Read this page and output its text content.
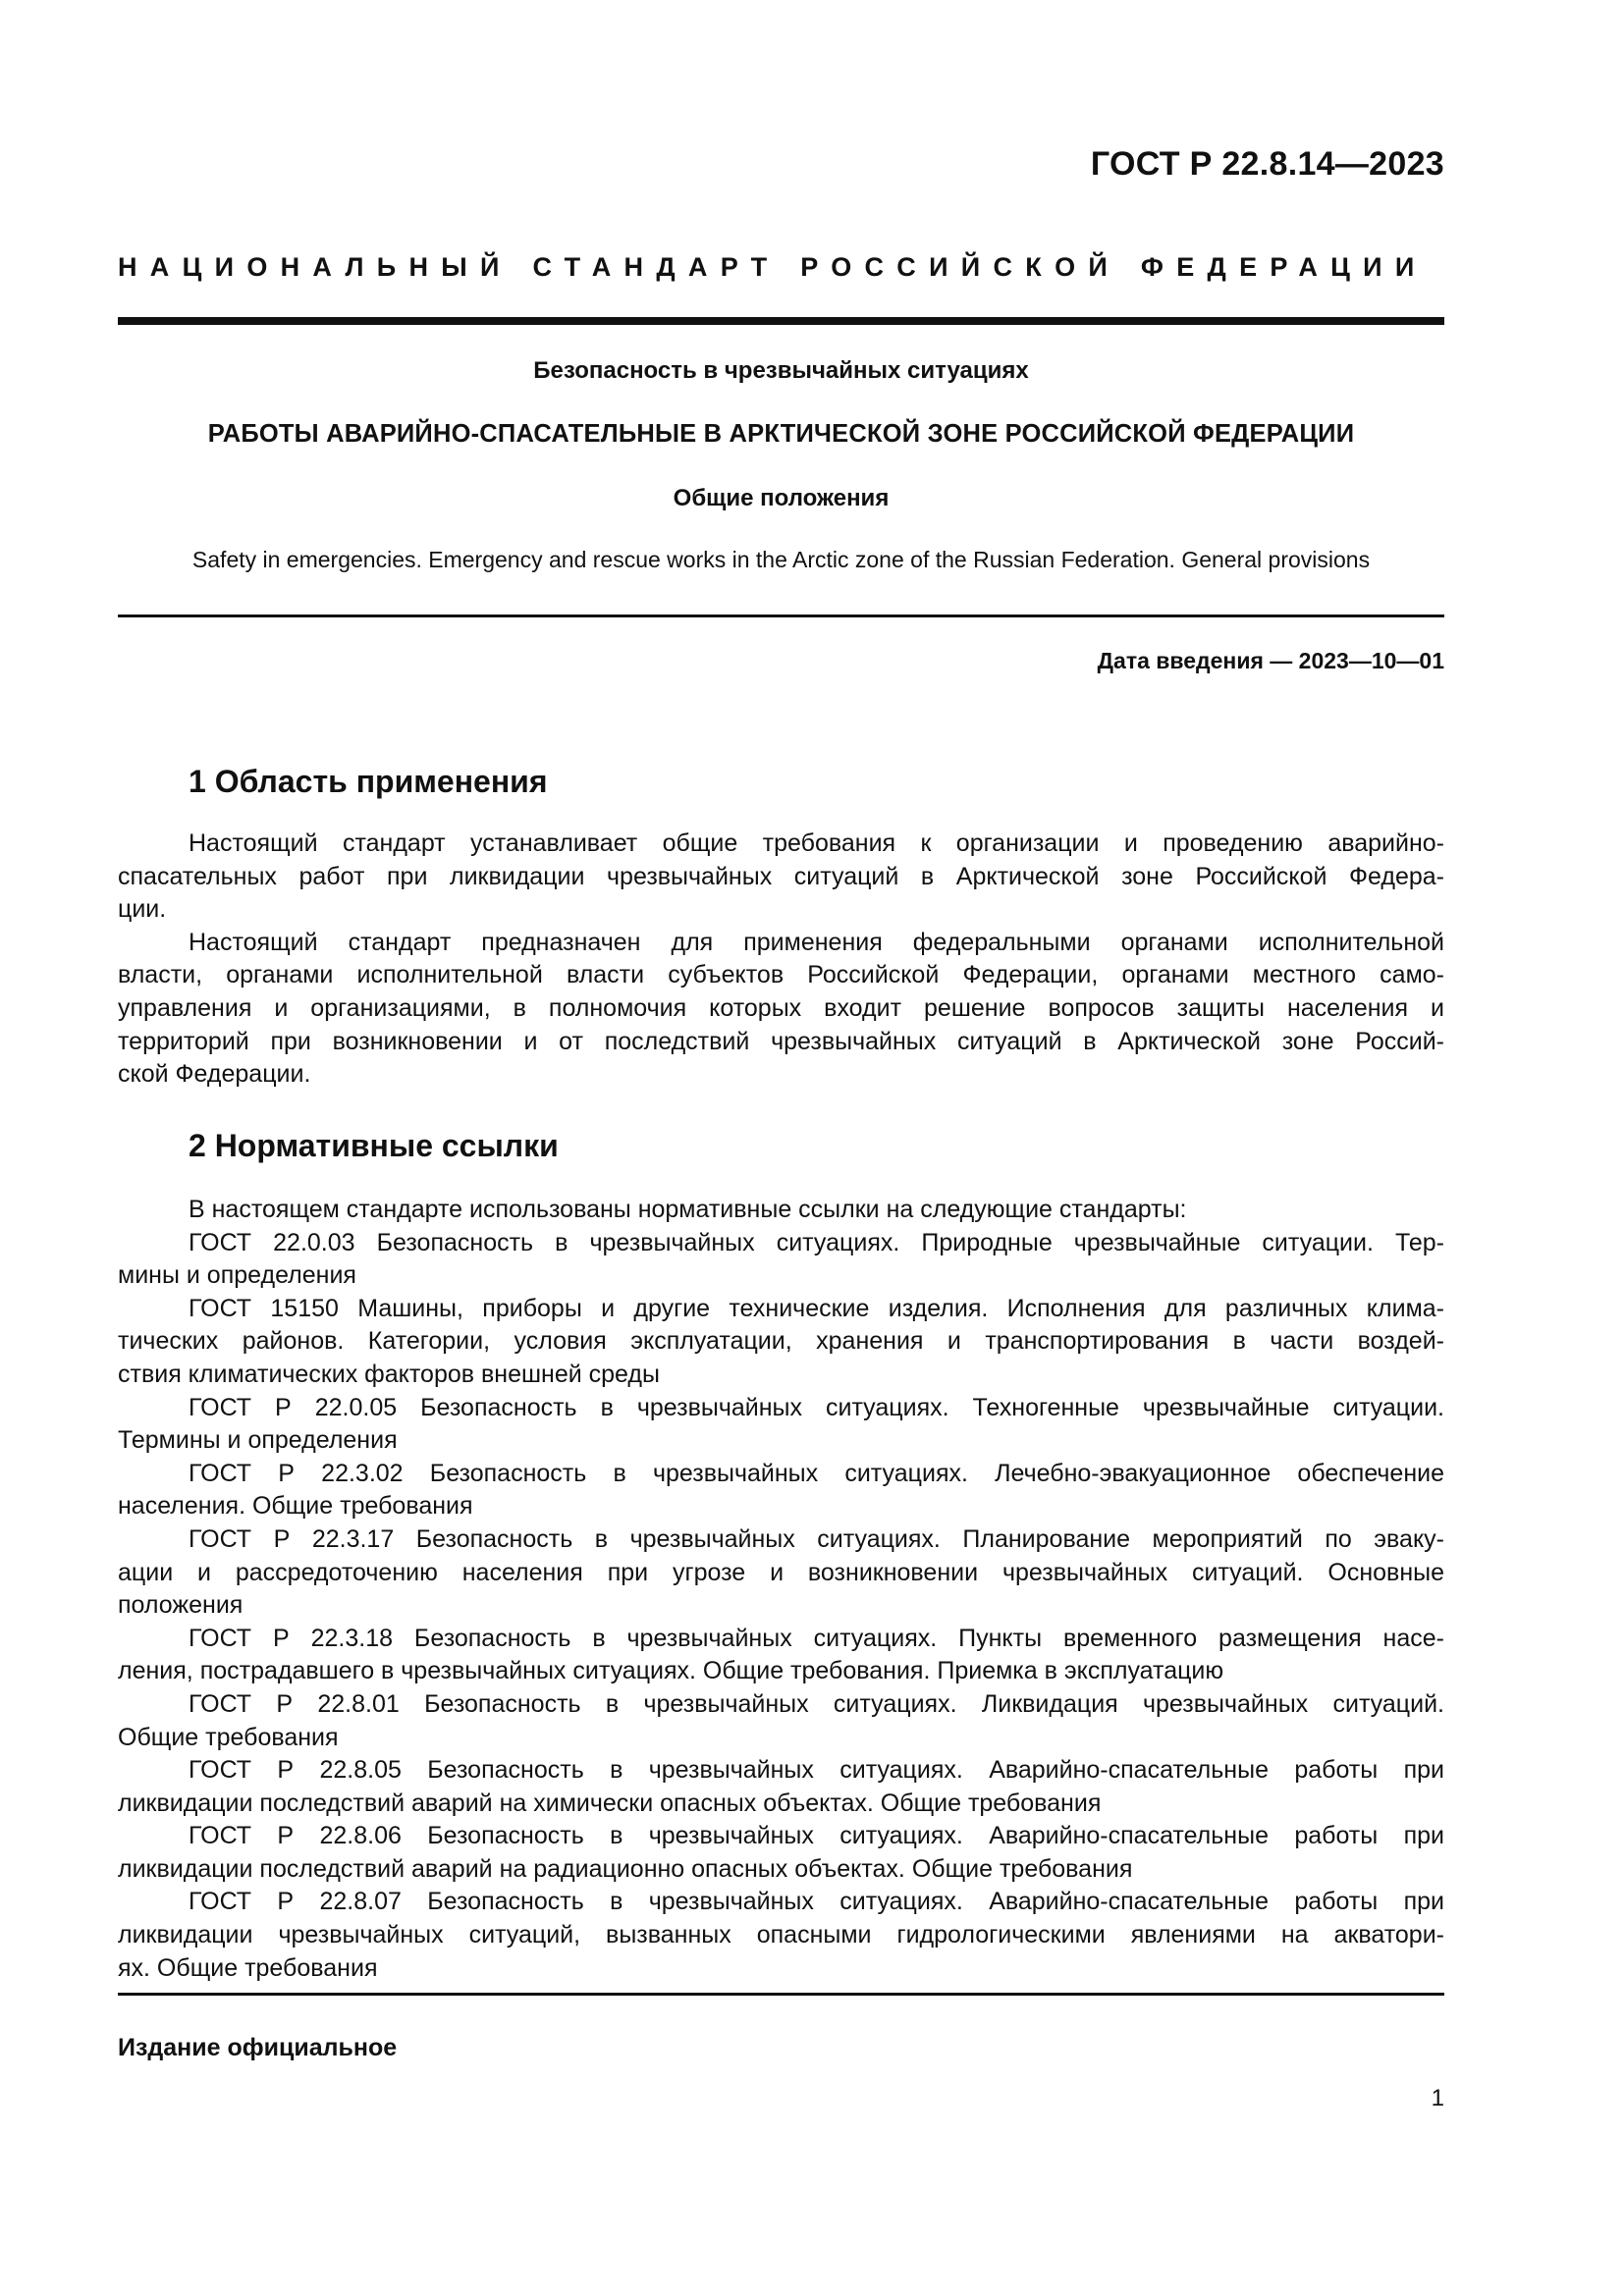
ГОСТ Р 22.8.14—2023
НАЦИОНАЛЬНЫЙ СТАНДАРТ РОССИЙСКОЙ ФЕДЕРАЦИИ
Безопасность в чрезвычайных ситуациях
РАБОТЫ АВАРИЙНО-СПАСАТЕЛЬНЫЕ В АРКТИЧЕСКОЙ ЗОНЕ РОССИЙСКОЙ ФЕДЕРАЦИИ
Общие положения
Safety in emergencies. Emergency and rescue works in the Arctic zone of the Russian Federation. General provisions
Дата введения — 2023—10—01
1 Область применения
Настоящий стандарт устанавливает общие требования к организации и проведению аварийно-
спасательных работ при ликвидации чрезвычайных ситуаций в Арктической зоне Российской Федера-
ции.
Настоящий стандарт предназначен для применения федеральными органами исполнительной
власти, органами исполнительной власти субъектов Российской Федерации, органами местного само-
управления и организациями, в полномочия которых входит решение вопросов защиты населения и
территорий при возникновении и от последствий чрезвычайных ситуаций в Арктической зоне Россий-
ской Федерации.
2 Нормативные ссылки
В настоящем стандарте использованы нормативные ссылки на следующие стандарты:
ГОСТ 22.0.03 Безопасность в чрезвычайных ситуациях. Природные чрезвычайные ситуации. Тер-
мины и определения
ГОСТ 15150 Машины, приборы и другие технические изделия. Исполнения для различных клима-
тических районов. Категории, условия эксплуатации, хранения и транспортирования в части воздей-
ствия климатических факторов внешней среды
ГОСТ Р 22.0.05 Безопасность в чрезвычайных ситуациях. Техногенные чрезвычайные ситуации.
Термины и определения
ГОСТ Р 22.3.02 Безопасность в чрезвычайных ситуациях. Лечебно-эвакуационное обеспечение
населения. Общие требования
ГОСТ Р 22.3.17 Безопасность в чрезвычайных ситуациях. Планирование мероприятий по эваку-
ации и рассредоточению населения при угрозе и возникновении чрезвычайных ситуаций. Основные
положения
ГОСТ Р 22.3.18 Безопасность в чрезвычайных ситуациях. Пункты временного размещения насе-
ления, пострадавшего в чрезвычайных ситуациях. Общие требования. Приемка в эксплуатацию
ГОСТ Р 22.8.01 Безопасность в чрезвычайных ситуациях. Ликвидация чрезвычайных ситуаций.
Общие требования
ГОСТ Р 22.8.05 Безопасность в чрезвычайных ситуациях. Аварийно-спасательные работы при
ликвидации последствий аварий на химически опасных объектах. Общие требования
ГОСТ Р 22.8.06 Безопасность в чрезвычайных ситуациях. Аварийно-спасательные работы при
ликвидации последствий аварий на радиационно опасных объектах. Общие требования
ГОСТ Р 22.8.07 Безопасность в чрезвычайных ситуациях. Аварийно-спасательные работы при
ликвидации чрезвычайных ситуаций, вызванных опасными гидрологическими явлениями на акватори-
ях. Общие требования
Издание официальное
1
